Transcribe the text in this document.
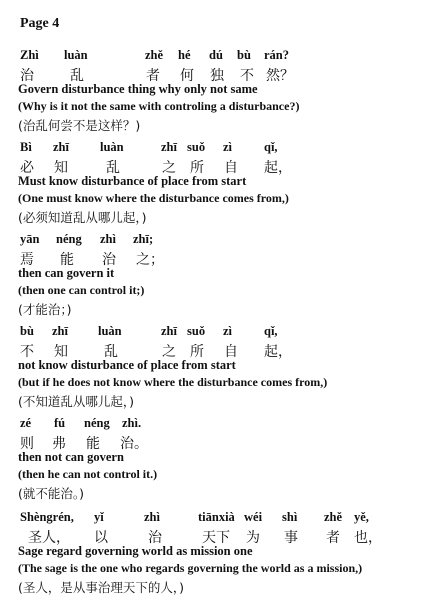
Page 4
Zhì luàn	zhě hé dú bù rán?
治	乱	者 何 独 不 然？
Govern disturbance thing why only not same
(Why is it not the same with controling a disturbance?)
(治乱何尝不是这样？)
Bì zhī luàn	zhī suǒ zì	qǐ,
必 知	乱	之 所 自 起，
Must know disturbance of place from start
(One must know where the disturbance comes from,)
(必须知道乱从哪儿起，)
yān néng zhì zhī;
焉 能 治 之；
then can govern it
(then one can control it;)
(才能治；)
bù zhī luàn	zhī suǒ zì	qǐ,
不 知	乱	之 所 自 起，
not know disturbance of place from start
(but if he does not know where the disturbance comes from,)
(不知道乱从哪儿起，)
zé fú néng zhì.
则 弗 能 治。
then not can govern
(then he can not control it.)
(就不能治。)
Shèngrén, yǐ	zhì	tiānxià wéi shì zhě yě,
圣人， 以	治	天下 为 事 者 也，
Sage regard governing world as mission one
(The sage is the one who regards governing the world as a mission,)
(圣人，是从事治理天下的人，)
